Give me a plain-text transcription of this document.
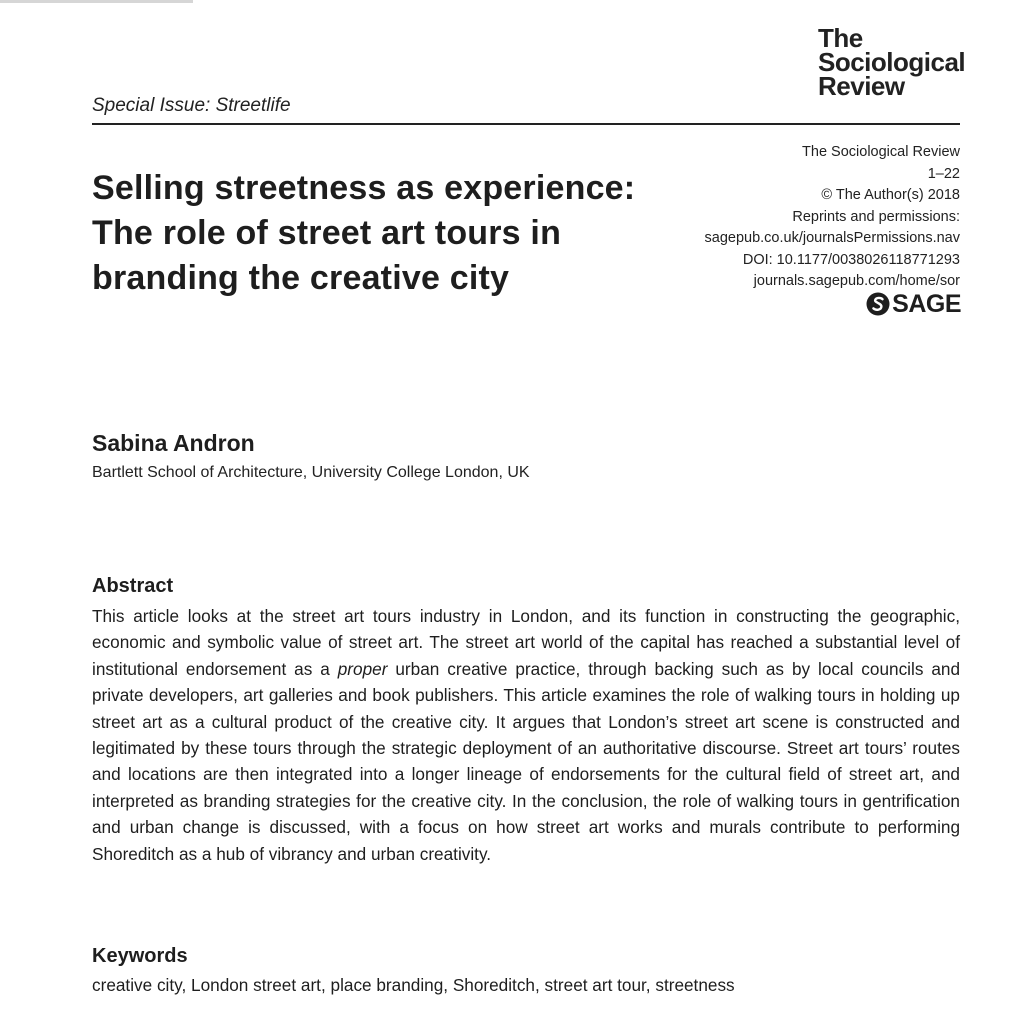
The
Sociological
Review
Special Issue: Streetlife
The Sociological Review
1–22
© The Author(s) 2018
Reprints and permissions:
sagepub.co.uk/journalsPermissions.nav
DOI: 10.1177/0038026118771293
journals.sagepub.com/home/sor
SAGE
Selling streetness as experience: The role of street art tours in branding the creative city
Sabina Andron
Bartlett School of Architecture, University College London, UK
Abstract

This article looks at the street art tours industry in London, and its function in constructing the geographic, economic and symbolic value of street art. The street art world of the capital has reached a substantial level of institutional endorsement as a proper urban creative practice, through backing such as by local councils and private developers, art galleries and book publishers. This article examines the role of walking tours in holding up street art as a cultural product of the creative city. It argues that London’s street art scene is constructed and legitimated by these tours through the strategic deployment of an authoritative discourse. Street art tours’ routes and locations are then integrated into a longer lineage of endorsements for the cultural field of street art, and interpreted as branding strategies for the creative city. In the conclusion, the role of walking tours in gentrification and urban change is discussed, with a focus on how street art works and murals contribute to performing Shoreditch as a hub of vibrancy and urban creativity.

Keywords
creative city, London street art, place branding, Shoreditch, street art tour, streetness
